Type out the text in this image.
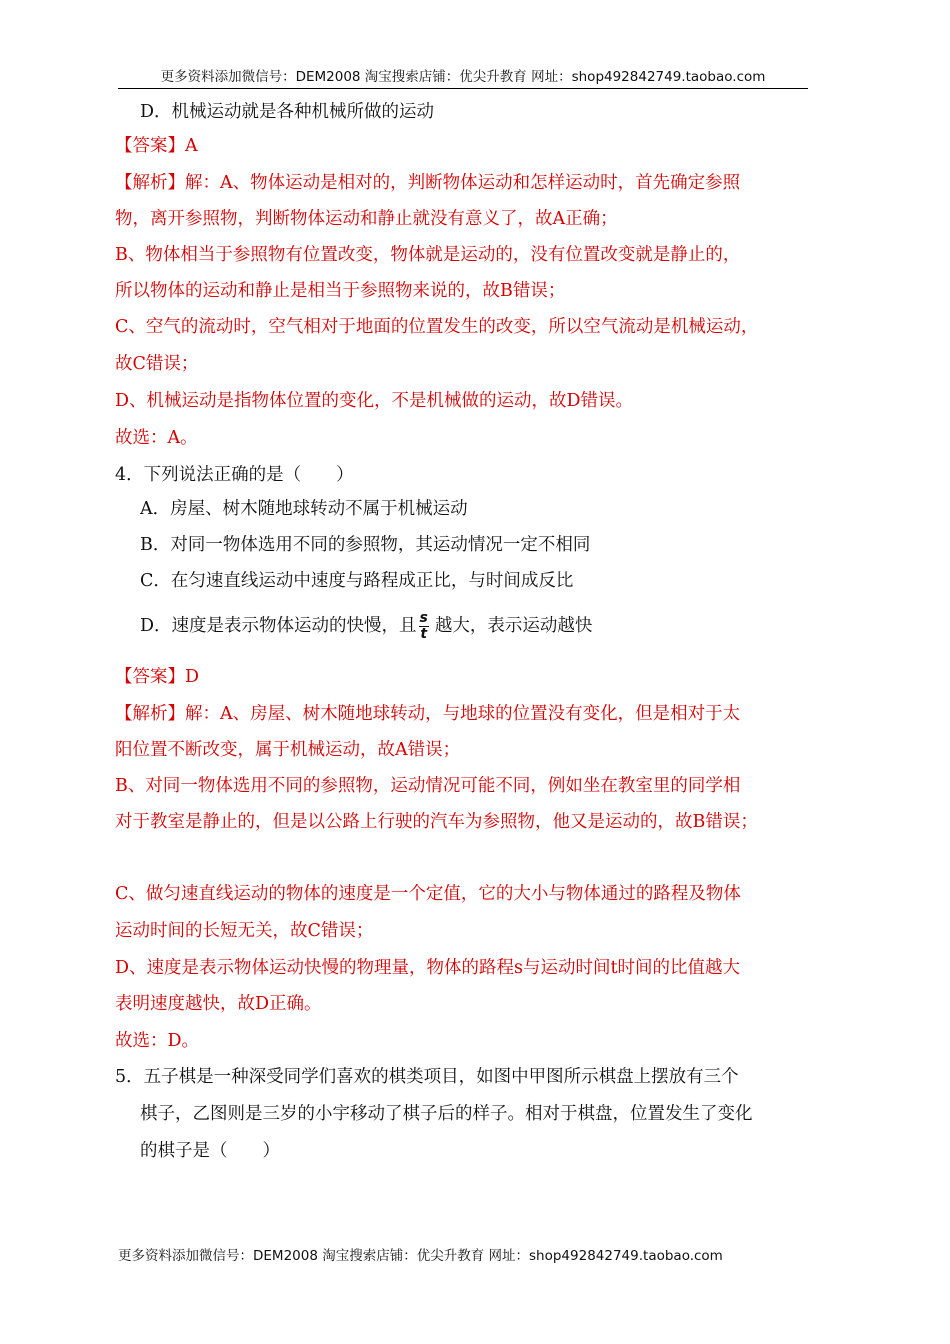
更多资料添加微信号：DEM2008 淘宝搜索店铺：优尖升教育 网址：shop492842749.taobao.com
D．机械运动就是各种机械所做的运动
【答案】A
【解析】解：A、物体运动是相对的，判断物体运动和怎样运动时，首先确定参照
物，离开参照物，判断物体运动和静止就没有意义了，故A正确；
B、物体相当于参照物有位置改变，物体就是运动的，没有位置改变就是静止的，
所以物体的运动和静止是相当于参照物来说的，故B错误；
C、空气的流动时，空气相对于地面的位置发生的改变，所以空气流动是机械运动，
故C错误；
D、机械运动是指物体位置的变化，不是机械做的运动，故D错误。
故选：A。
4．下列说法正确的是（　　）
A．房屋、树木随地球转动不属于机械运动
B．对同一物体选用不同的参照物，其运动情况一定不相同
C．在匀速直线运动中速度与路程成正比，与时间成反比
D．速度是表示物体运动的快慢，且 $\frac{s}{t}$ 越大，表示运动越快
【答案】D
【解析】解：A、房屋、树木随地球转动，与地球的位置没有变化，但是相对于太
阳位置不断改变，属于机械运动，故A错误；
B、对同一物体选用不同的参照物，运动情况可能不同，例如坐在教室里的同学相
对于教室是静止的，但是以公路上行驶的汽车为参照物，他又是运动的，故B错误；
C、做匀速直线运动的物体的速度是一个定值，它的大小与物体通过的路程及物体
运动时间的长短无关，故C错误；
D、速度是表示物体运动快慢的物理量，物体的路程s与运动时间t时间的比值越大
表明速度越快，故D正确。
故选：D。
5．五子棋是一种深受同学们喜欢的棋类项目，如图中甲图所示棋盘上摆放有三个
棋子，乙图则是三岁的小宇移动了棋子后的样子。相对于棋盘，位置发生了变化
的棋子是（　　）
更多资料添加微信号：DEM2008 淘宝搜索店铺：优尖升教育 网址：shop492842749.taobao.com
